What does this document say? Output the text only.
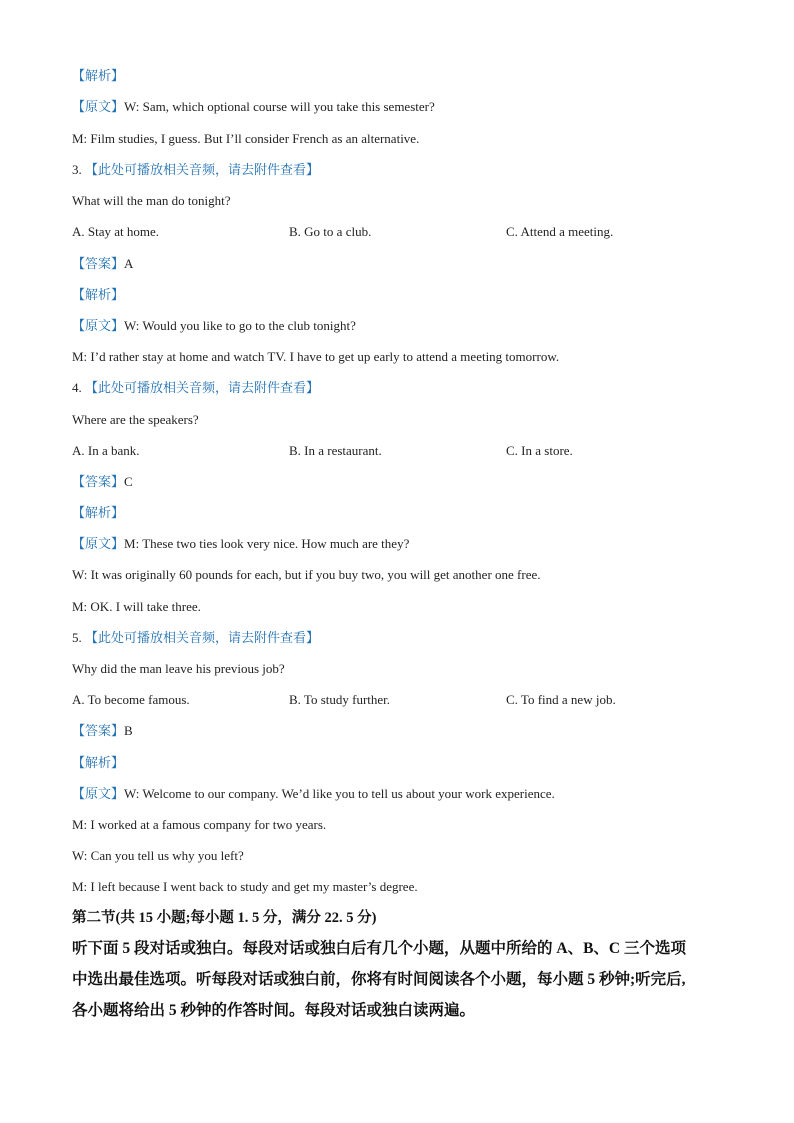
【解析】
【原文】W: Sam, which optional course will you take this semester?
M: Film studies, I guess. But I’ll consider French as an alternative.
3. 【此处可播放相关音频，请去附件查看】
What will the man do tonight?
A. Stay at home.	B. Go to a club.	C. Attend a meeting.
【答案】A
【解析】
【原文】W: Would you like to go to the club tonight?
M: I’d rather stay at home and watch TV. I have to get up early to attend a meeting tomorrow.
4. 【此处可播放相关音频，请去附件查看】
Where are the speakers?
A. In a bank.	B. In a restaurant.	C. In a store.
【答案】C
【解析】
【原文】M: These two ties look very nice. How much are they?
W: It was originally 60 pounds for each, but if you buy two, you will get another one free.
M: OK. I will take three.
5. 【此处可播放相关音频，请去附件查看】
Why did the man leave his previous job?
A. To become famous.	B. To study further.	C. To find a new job.
【答案】B
【解析】
【原文】W: Welcome to our company. We’d like you to tell us about your work experience.
M: I worked at a famous company for two years.
W: Can you tell us why you left?
M: I left because I went back to study and get my master’s degree.
第二节(共 15 小题;每小题 1. 5 分，满分 22. 5 分)
听下面 5 段对话或独白。每段对话或独白后有几个小题，从题中所给的 A、B、C 三个选项
中选出最佳选项。听每段对话或独白前，你将有时间阅读各个小题，每小题 5 秒钟;听完后,
各小题将给出 5 秒钟的作答时间。每段对话或独白读两遍。
